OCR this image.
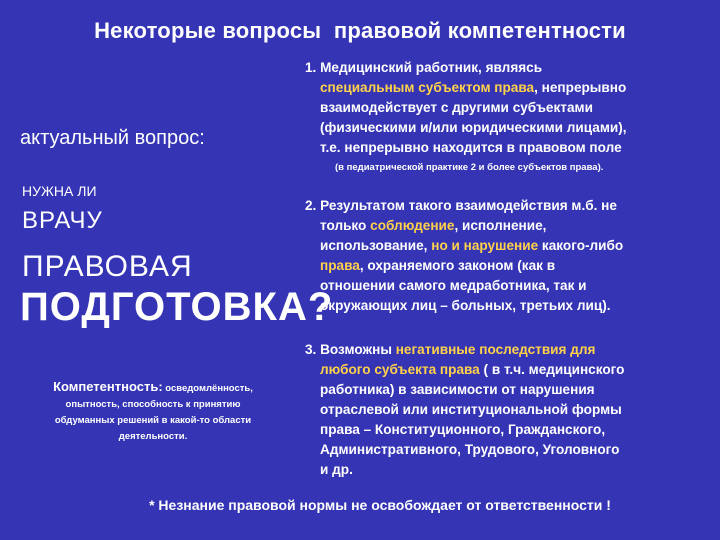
Некоторые вопросы  правовой компетентности
актуальный вопрос:
НУЖНА ЛИ
ВРАЧУ
ПРАВОВАЯ
ПОДГОТОВКА?
Компетентность: осведомлённость,
опытность, способность к принятию
обдуманных решений в какой-то области
деятельности.
1. Медицинский работник, являясь
специальным субъектом права, непрерывно
взаимодействует с другими субъектами
(физическими и/или юридическими лицами),
т.е. непрерывно находится в правовом поле
(в педиатрической практике 2 и более субъектов права).
2. Результатом такого взаимодействия м.б. не
только соблюдение, исполнение,
использование, но и нарушение какого-либо
права, охраняемого законом (как в
отношении самого медработника, так и
окружающих лиц – больных, третьих лиц).
3. Возможны негативные последствия для
любого субъекта права ( в т.ч. медицинского
работника) в зависимости от нарушения
отраслевой или институциональной формы
права – Конституционного, Гражданского,
Административного, Трудового, Уголовного
и др.
* Незнание правовой нормы не освобождает от ответственности !
